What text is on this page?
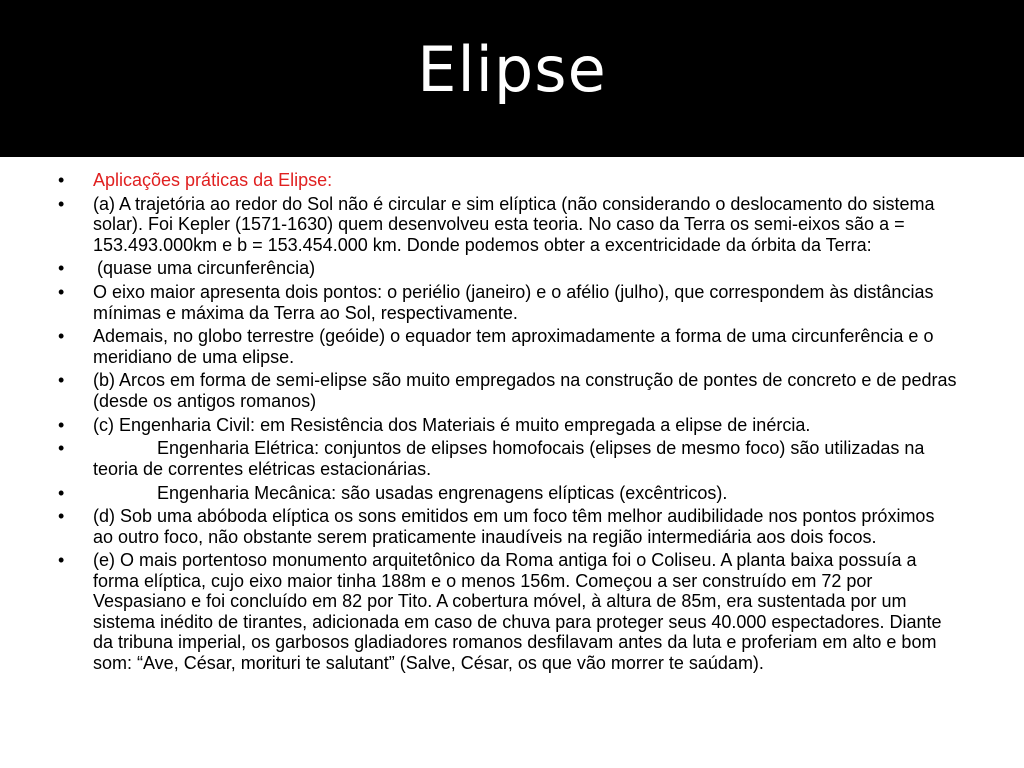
Elipse
•	Aplicações práticas da Elipse:
•	(a) A trajetória ao redor do Sol não é circular e sim elíptica (não considerando o deslocamento do sistema solar). Foi Kepler (1571-1630) quem desenvolveu esta teoria. No caso da Terra os semi-eixos são a = 153.493.000km e b = 153.454.000 km. Donde podemos obter a excentricidade da órbita da Terra:
•	(quase uma circunferência)
•	O eixo maior apresenta dois pontos: o periélio (janeiro) e o afélio (julho), que correspondem às distâncias mínimas e máxima da Terra ao Sol, respectivamente.
•	Ademais, no globo terrestre (geóide) o equador tem aproximadamente a forma de uma circunferência e o meridiano de uma elipse.
•	(b) Arcos em forma de semi-elipse são muito empregados na construção de pontes de concreto e de pedras (desde os antigos romanos)
•	(c) Engenharia Civil: em Resistência dos Materiais é muito empregada a elipse de inércia.
•	Engenharia Elétrica: conjuntos de elipses homofocais (elipses de mesmo foco) são utilizadas na teoria de correntes elétricas estacionárias.
•	Engenharia Mecânica: são usadas engrenagens elípticas (excêntricos).
•	(d) Sob uma abóboda elíptica os sons emitidos em um foco têm melhor audibilidade nos pontos próximos ao outro foco, não obstante serem praticamente inaudíveis na região intermediária aos dois focos.
•	(e) O mais portentoso monumento arquitetônico da Roma antiga foi o Coliseu. A planta baixa possuía a forma elíptica, cujo eixo maior tinha 188m e o menos 156m. Começou a ser construído em 72 por Vespasiano e foi concluído em 82 por Tito. A cobertura móvel, à altura de 85m, era sustentada por um sistema inédito de tirantes, adicionada em caso de chuva para proteger seus 40.000 espectadores. Diante da tribuna imperial, os garbosos gladiadores romanos desfilavam antes da luta e proferiam em alto e bom som: “Ave, César, morituri te salutant” (Salve, César, os que vão morrer te saúdam).
